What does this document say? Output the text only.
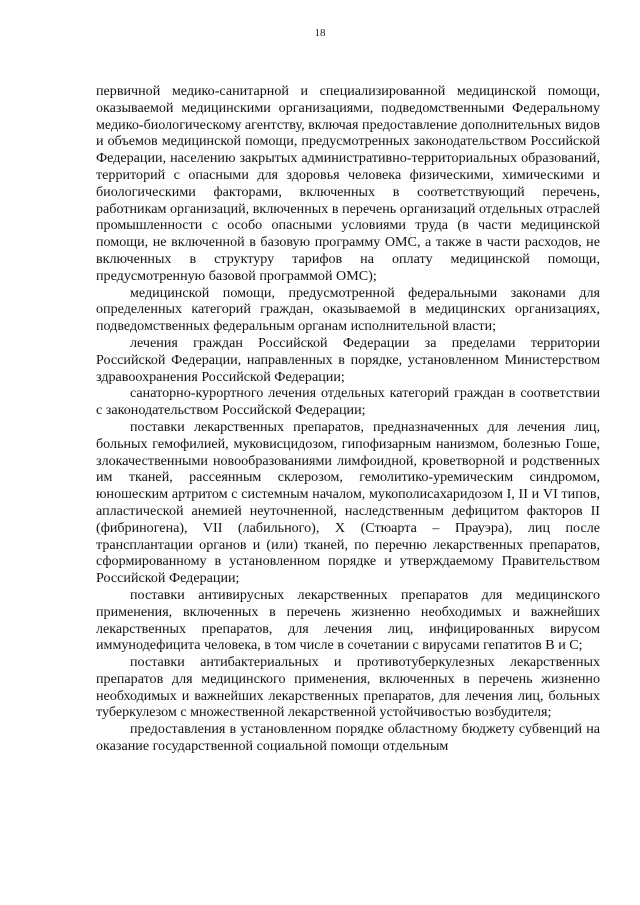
18

первичной медико-санитарной и специализированной медицинской помощи, оказываемой медицинскими организациями, подведомственными Федеральному медико-биологическому агентству, включая предоставление дополнительных видов и объемов медицинской помощи, предусмотренных законодательством Российской Федерации, населению закрытых административно-территориальных образований, территорий с опасными для здоровья человека физическими, химическими и биологическими факторами, включенных в соответствующий перечень, работникам организаций, включенных в перечень организаций отдельных отраслей промышленности с особо опасными условиями труда (в части медицинской помощи, не включенной в базовую программу ОМС, а также в части расходов, не включенных в структуру тарифов на оплату медицинской помощи, предусмотренную базовой программой ОМС);

медицинской помощи, предусмотренной федеральными законами для определенных категорий граждан, оказываемой в медицинских организациях, подведомственных федеральным органам исполнительной власти;

лечения граждан Российской Федерации за пределами территории Российской Федерации, направленных в порядке, установленном Министерством здравоохранения Российской Федерации;

санаторно-курортного лечения отдельных категорий граждан в соответствии с законодательством Российской Федерации;

поставки лекарственных препаратов, предназначенных для лечения лиц, больных гемофилией, муковисцидозом, гипофизарным нанизмом, болезнью Гоше, злокачественными новообразованиями лимфоидной, кроветворной и родственных им тканей, рассеянным склерозом, гемолитико-уремическим синдромом, юношеским артритом с системным началом, мукополисахаридозом I, II и VI типов, апластической анемией неуточненной, наследственным дефицитом факторов II (фибриногена), VII (лабильного), X (Стюарта – Прауэра), лиц после трансплантации органов и (или) тканей, по перечню лекарственных препаратов, сформированному в установленном порядке и утверждаемому Правительством Российской Федерации;

поставки антивирусных лекарственных препаратов для медицинского применения, включенных в перечень жизненно необходимых и важнейших лекарственных препаратов, для лечения лиц, инфицированных вирусом иммунодефицита человека, в том числе в сочетании с вирусами гепатитов B и C;

поставки антибактериальных и противотуберкулезных лекарственных препаратов для медицинского применения, включенных в перечень жизненно необходимых и важнейших лекарственных препаратов, для лечения лиц, больных туберкулезом с множественной лекарственной устойчивостью возбудителя;

предоставления в установленном порядке областному бюджету субвенций на оказание государственной социальной помощи отдельным
